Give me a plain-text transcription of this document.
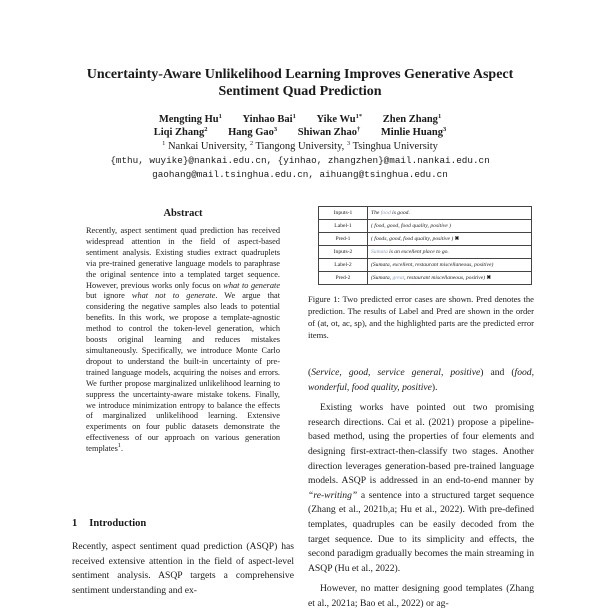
Uncertainty-Aware Unlikelihood Learning Improves Generative Aspect
Sentiment Quad Prediction
Mengting Hu$^1$ Yinhao Bai$^1$ Yike $Wu^{1*}$ Zhen Zhang$^1$
Liqi Zhang$^2$ Hang Gao$^3$ Shiwan Zhao† Minlie Huang$^3$
$^1$ Nankai University, $^2$ Tiangong University, $^3$ Tsinghua University
{mthu, wuyike}@nankai.edu.cn, {yinhao, zhangzhen}@mail.nankai.edu.cn
gaohang@mail.tsinghua.edu.cn, aihuang@tsinghua.edu.cn
Abstract
Recently, aspect sentiment quad prediction has received widespread attention in the field of aspect-based sentiment analysis. Existing studies extract quadruplets via pre-trained generative language models to paraphrase the original sentence into a templated target sequence. However, previous works only focus on what to generate but ignore what not to generate. We argue that considering the negative samples also leads to potential benefits. In this work, we propose a template-agnostic method to control the token-level generation, which boosts original learning and reduces mistakes simultaneously. Specifically, we introduce Monte Carlo dropout to understand the built-in uncertainty of pre-trained language models, acquiring the noises and errors. We further propose marginalized unlikelihood learning to suppress the uncertainty-aware mistake tokens. Finally, we introduce minimization entropy to balance the effects of marginalized unlikelihood learning. Extensive experiments on four public datasets demonstrate the effectiveness of our approach on various generation templates$^1$.
1 Introduction
Recently, aspect sentiment quad prediction (ASQP) has received extensive attention in the field of aspect-level sentiment analysis. ASQP targets a comprehensive sentiment understanding and ex-
Inputs-1	The food is good.
Label-1	( food, good, food quality, positive )
Pred-1	( foods, good, food quality, positive ) ✖
Inputs-2	Sumata is an excellent place to go.
Label-2	(Sumata, excellent, restaurant miscellaneous, positive)
Pred-2	(Sumata, great, restaurant miscellaneous, positive) ✖
Figure 1: Two predicted error cases are shown. Pred denotes the prediction. The results of Label and Pred are shown in the order of (at, ot, ac, sp), and the highlighted parts are the predicted error items.

(Service, good, service general, positive) and (food, wonderful, food quality, positive).

Existing works have pointed out two promising research directions. Cai et al. (2021) propose a pipeline-based method, using the properties of four elements and designing first-extract-then-classify two stages. Another direction leverages generation-based pre-trained language models. ASQP is addressed in an end-to-end manner by “re-writing” a sentence into a structured target sequence (Zhang et al., 2021b,a; Hu et al., 2022). With pre-defined templates, quadruples can be easily decoded from the target sequence. Due to its simplicity and effects, the second paradigm gradually becomes the main streaming in ASQP (Hu et al., 2022).

However, no matter designing good templates (Zhang et al., 2021a; Bao et al., 2022) or ag-
